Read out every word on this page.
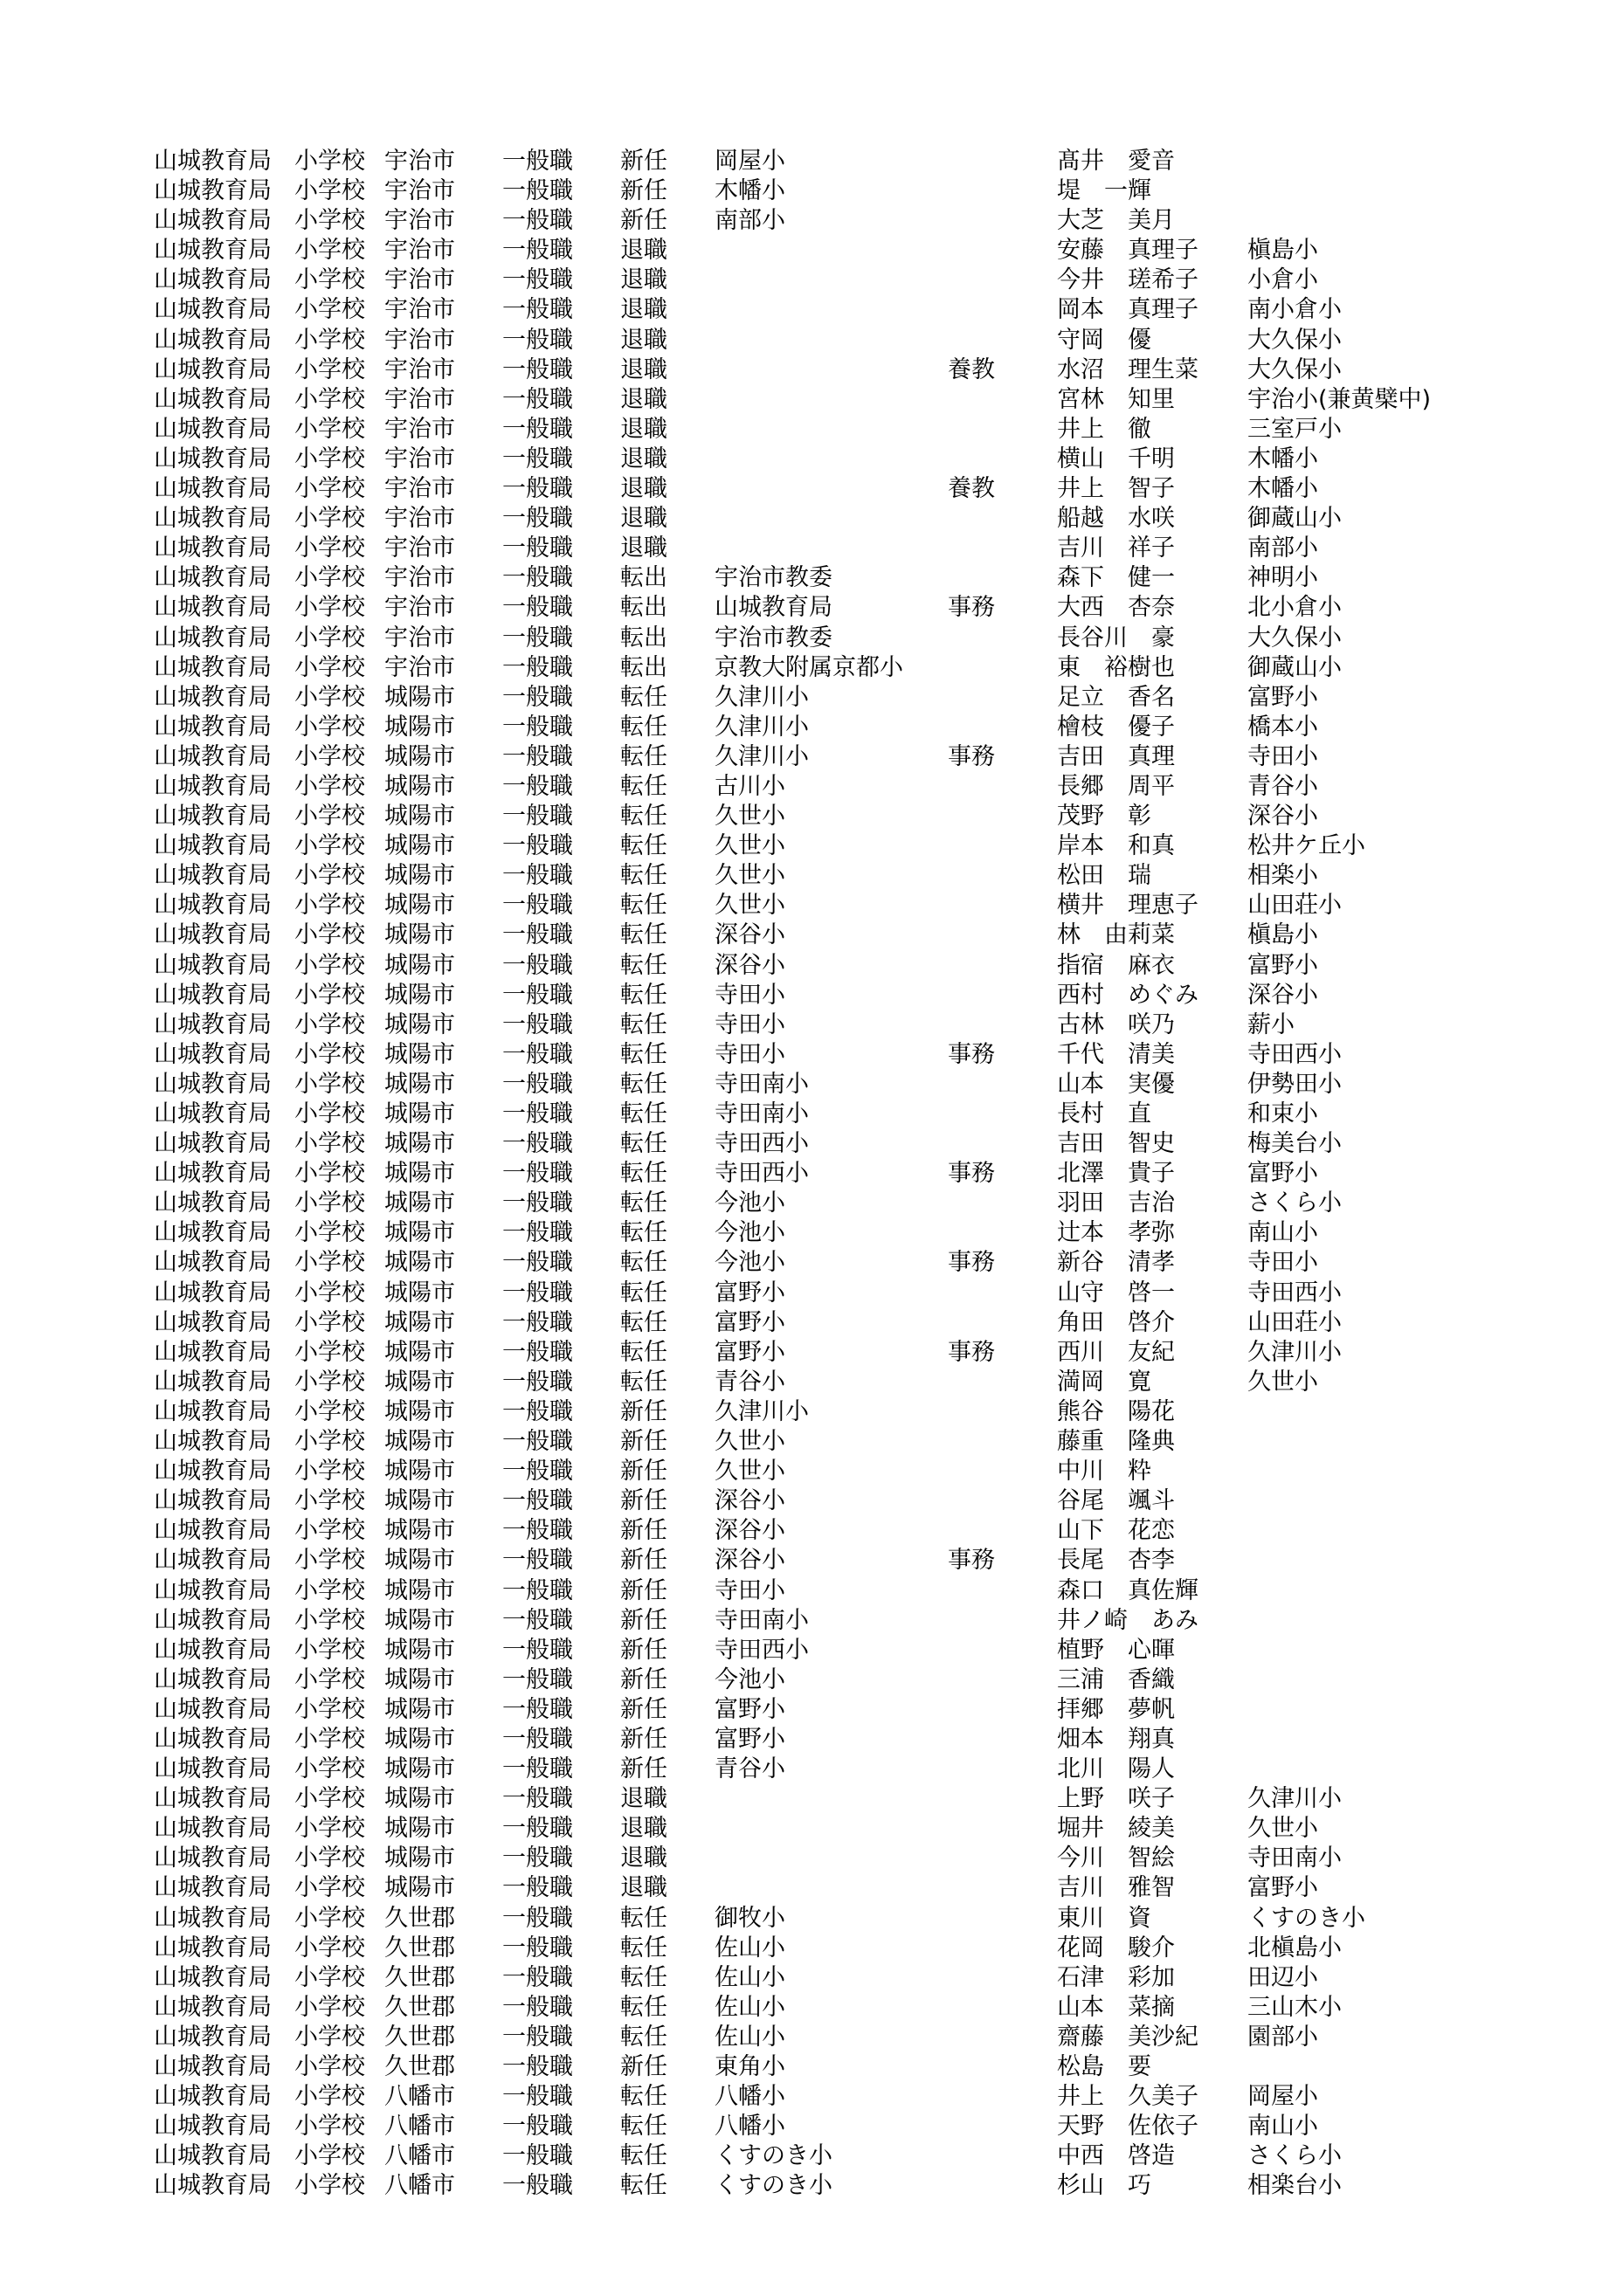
山城教育局 小学校 宇治市 一般職 新任 岡屋小	髙井　愛音
山城教育局 小学校 宇治市 一般職 新任 木幡小	堤　一輝
山城教育局 小学校 宇治市 一般職 新任 南部小	大芝　美月
山城教育局 小学校 宇治市 一般職 退職	安藤　真理子 槇島小
山城教育局 小学校 宇治市 一般職 退職	今井　瑳希子 小倉小
山城教育局 小学校 宇治市 一般職 退職	岡本　真理子 南小倉小
山城教育局 小学校 宇治市 一般職 退職	守岡　優	大久保小
山城教育局 小学校 宇治市 一般職 退職	養教	水沼　理生菜 大久保小
山城教育局 小学校 宇治市 一般職 退職	宮林　知里	宇治小(兼黄檗中)
山城教育局 小学校 宇治市 一般職 退職	井上　徹	三室戸小
山城教育局 小学校 宇治市 一般職 退職	横山　千明	木幡小
山城教育局 小学校 宇治市 一般職 退職	養教	井上　智子	木幡小
山城教育局 小学校 宇治市 一般職 退職	船越　水咲	御蔵山小
山城教育局 小学校 宇治市 一般職 退職	吉川　祥子	南部小
山城教育局 小学校 宇治市 一般職 転出 宇治市教委	森下　健一	神明小
山城教育局 小学校 宇治市 一般職 転出 山城教育局	事務	大西　杏奈	北小倉小
山城教育局 小学校 宇治市 一般職 転出 宇治市教委	長谷川　豪	大久保小
山城教育局 小学校 宇治市 一般職 転出 京教大附属京都小	東　裕樹也	御蔵山小
山城教育局 小学校 城陽市 一般職 転任 久津川小	足立　香名	富野小
山城教育局 小学校 城陽市 一般職 転任 久津川小	檜枝　優子	橋本小
山城教育局 小学校 城陽市 一般職 転任 久津川小	事務	吉田　真理	寺田小
山城教育局 小学校 城陽市 一般職 転任 古川小	長郷　周平	青谷小
山城教育局 小学校 城陽市 一般職 転任 久世小	茂野　彰	深谷小
山城教育局 小学校 城陽市 一般職 転任 久世小	岸本　和真	松井ケ丘小
山城教育局 小学校 城陽市 一般職 転任 久世小	松田　瑞	相楽小
山城教育局 小学校 城陽市 一般職 転任 久世小	横井　理恵子 山田荘小
山城教育局 小学校 城陽市 一般職 転任 深谷小	林　由莉菜	槇島小
山城教育局 小学校 城陽市 一般職 転任 深谷小	指宿　麻衣	富野小
山城教育局 小学校 城陽市 一般職 転任 寺田小	西村　めぐみ 深谷小
山城教育局 小学校 城陽市 一般職 転任 寺田小	古林　咲乃	薪小
山城教育局 小学校 城陽市 一般職 転任 寺田小	事務	千代　清美	寺田西小
山城教育局 小学校 城陽市 一般職 転任 寺田南小	山本　実優	伊勢田小
山城教育局 小学校 城陽市 一般職 転任 寺田南小	長村　直	和束小
山城教育局 小学校 城陽市 一般職 転任 寺田西小	吉田　智史	梅美台小
山城教育局 小学校 城陽市 一般職 転任 寺田西小	事務	北澤　貴子	富野小
山城教育局 小学校 城陽市 一般職 転任 今池小	羽田　吉治	さくら小
山城教育局 小学校 城陽市 一般職 転任 今池小	辻本　孝弥	南山小
山城教育局 小学校 城陽市 一般職 転任 今池小	事務	新谷　清孝	寺田小
山城教育局 小学校 城陽市 一般職 転任 富野小	山守　啓一	寺田西小
山城教育局 小学校 城陽市 一般職 転任 富野小	角田　啓介	山田荘小
山城教育局 小学校 城陽市 一般職 転任 富野小	事務	西川　友紀	久津川小
山城教育局 小学校 城陽市 一般職 転任 青谷小	満岡　寛	久世小
山城教育局 小学校 城陽市 一般職 新任 久津川小	熊谷　陽花
山城教育局 小学校 城陽市 一般職 新任 久世小	藤重　隆典
山城教育局 小学校 城陽市 一般職 新任 久世小	中川　粋
山城教育局 小学校 城陽市 一般職 新任 深谷小	谷尾　颯斗
山城教育局 小学校 城陽市 一般職 新任 深谷小	山下　花恋
山城教育局 小学校 城陽市 一般職 新任 深谷小	事務	長尾　杏李
山城教育局 小学校 城陽市 一般職 新任 寺田小	森口　真佐輝
山城教育局 小学校 城陽市 一般職 新任 寺田南小	井ノ崎　あみ
山城教育局 小学校 城陽市 一般職 新任 寺田西小	植野　心暉
山城教育局 小学校 城陽市 一般職 新任 今池小	三浦　香織
山城教育局 小学校 城陽市 一般職 新任 富野小	拝郷　夢帆
山城教育局 小学校 城陽市 一般職 新任 富野小	畑本　翔真
山城教育局 小学校 城陽市 一般職 新任 青谷小	北川　陽人
山城教育局 小学校 城陽市 一般職 退職	上野　咲子	久津川小
山城教育局 小学校 城陽市 一般職 退職	堀井　綾美	久世小
山城教育局 小学校 城陽市 一般職 退職	今川　智絵	寺田南小
山城教育局 小学校 城陽市 一般職 退職	吉川　雅智	富野小
山城教育局 小学校 久世郡 一般職 転任 御牧小	東川　資	くすのき小
山城教育局 小学校 久世郡 一般職 転任 佐山小	花岡　駿介	北槇島小
山城教育局 小学校 久世郡 一般職 転任 佐山小	石津　彩加	田辺小
山城教育局 小学校 久世郡 一般職 転任 佐山小	山本　菜摘	三山木小
山城教育局 小学校 久世郡 一般職 転任 佐山小	齋藤　美沙紀 園部小
山城教育局 小学校 久世郡 一般職 新任 東角小	松島　要
山城教育局 小学校 八幡市 一般職 転任 八幡小	井上　久美子 岡屋小
山城教育局 小学校 八幡市 一般職 転任 八幡小	天野　佐依子 南山小
山城教育局 小学校 八幡市 一般職 転任 くすのき小	中西　啓造	さくら小
山城教育局 小学校 八幡市 一般職 転任 くすのき小	杉山　巧	相楽台小
